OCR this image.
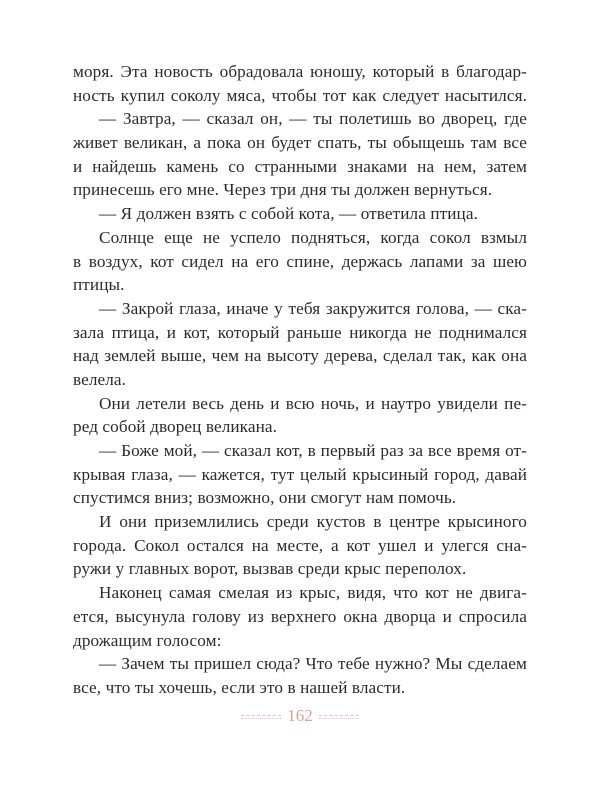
моря. Эта новость обрадовала юношу, который в благодар-
ность купил соколу мяса, чтобы тот как следует насытился.
— Завтра, — сказал он, — ты полетишь во дворец, где
живет великан, а пока он будет спать, ты обыщешь там все
и найдешь камень со странными знаками на нем, затем
принесешь его мне. Через три дня ты должен вернуться.
— Я должен взять с собой кота, — ответила птица.
Солнце еще не успело подняться, когда сокол взмыл
в воздух, кот сидел на его спине, держась лапами за шею
птицы.
— Закрой глаза, иначе у тебя закружится голова, — ска-
зала птица, и кот, который раньше никогда не поднимался
над землей выше, чем на высоту дерева, сделал так, как она
велела.
Они летели весь день и всю ночь, и наутро увидели пе-
ред собой дворец великана.
— Боже мой, — сказал кот, в первый раз за все время от-
крывая глаза, — кажется, тут целый крысиный город, давай
спустимся вниз; возможно, они смогут нам помочь.
И они приземлились среди кустов в центре крысиного
города. Сокол остался на месте, а кот ушел и улегся сна-
ружи у главных ворот, вызвав среди крыс переполох.
Наконец самая смелая из крыс, видя, что кот не двига-
ется, высунула голову из верхнего окна дворца и спросила
дрожащим голосом:
— Зачем ты пришел сюда? Что тебе нужно? Мы сделаем
все, что ты хочешь, если это в нашей власти.
162
